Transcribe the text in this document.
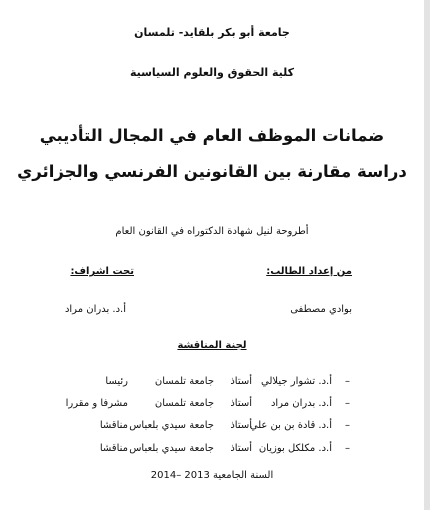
جامعة أبو بكر بلقايد- تلمسان
كلية الحقوق والعلوم السياسية
ضمانات الموظف العام في المجال التأديبي
دراسة مقارنة بين القانونين الفرنسي والجزائري
أطروحة لنيل شهادة الدكتوراه في القانون العام
من إعداد الطالب:
تحت اشراف:
بوادي مصطفى
أ.د. بدران مراد
لجنة المناقشة
–
أ.د. تشوار جيلالي
أستاذ
جامعة تلمسان
رئيسا
–
أ.د. بدران مراد
أستاذ
جامعة تلمسان
مشرفا و مقررا
–
أ.د. قادة بن بن علي
أستاذ
جامعة سيدي بلعباس
مناقشا
–
أ.د. مكلكل بوزيان
أستاذ
جامعة سيدي بلعباس
مناقشا
السنة الجامعية 2013 –2014
